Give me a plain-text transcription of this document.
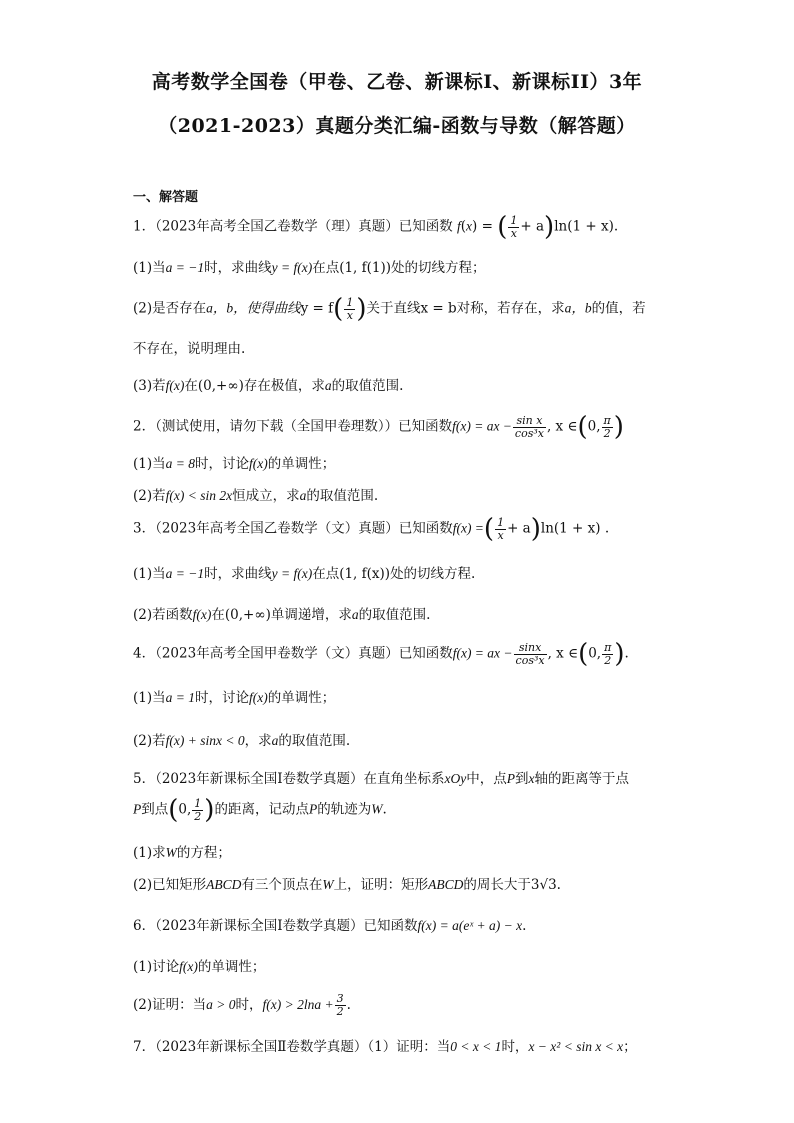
高考数学全国卷（甲卷、乙卷、新课标Ⅰ、新课标II）3年
（2021-2023）真题分类汇编-函数与导数（解答题）
一、解答题
1．（2023年高考全国乙卷数学（理）真题）已知函数 f(x) = ( $\frac{1}{x} + a)\ln(1 + x)$.
(1)当a = −1时，求曲线y = f(x)在点(1, f(1))处的切线方程；
(2)是否存在a，b，使得曲线$y = f( \frac{1}{x}$ )关于直线x = b对称，若存在，求a，b的值，若
不存在，说明理由.
(3)若f(x)在(0,+∞)存在极值，求a的取值范围.
2．（测试使用，请勿下载（全国甲卷理数））已知函数f(x) = ax − $\frac{\text{sin x}}{\text{cos³x}}$ , x ∈(0, $\frac{\pi}{2}$ )
(1)当a = 8时，讨论f(x)的单调性；
(2)若f(x) < sin 2x恒成立，求a的取值范围.
3．（2023年高考全国乙卷数学（文）真题）已知函数f(x) =( $\frac{1}{x} + a)\ln(1 + x)$ .
(1)当a = −1时，求曲线y = f(x)在点(1, f(x))处的切线方程.
(2)若函数f(x)在(0,+∞)单调递增，求a的取值范围.
4．（2023年高考全国甲卷数学（文）真题）已知函数f(x) = ax − $\frac{\sin x}{\text{cos³x}}$ , x ∈(0, $\frac{\pi}{2}$ ).
(1)当a = 1时，讨论f(x)的单调性；
(2)若f(x) + sinx < 0，求a的取值范围.
5．（2023年新课标全国Ⅰ卷数学真题）在直角坐标系xOy中，点P到x轴的距离等于点
P到点(0, $\frac{1}{2}$ )的距离，记动点P的轨迹为W.
(1)求W的方程；
(2)已知矩形ABCD有三个顶点在W上，证明：矩形ABCD的周长大于3√3.
6．（2023年新课标全国Ⅰ卷数学真题）已知函数f(x) = a(eˣ + a) − x.
(1)讨论f(x)的单调性；
(2)证明：当a > 0时，$f(x) > 2\ln a + \frac{3}{2}$ .
7．（2023年新课标全国Ⅱ卷数学真题）（1）证明：当0 < x < 1时，x − x² < sin x < x；
